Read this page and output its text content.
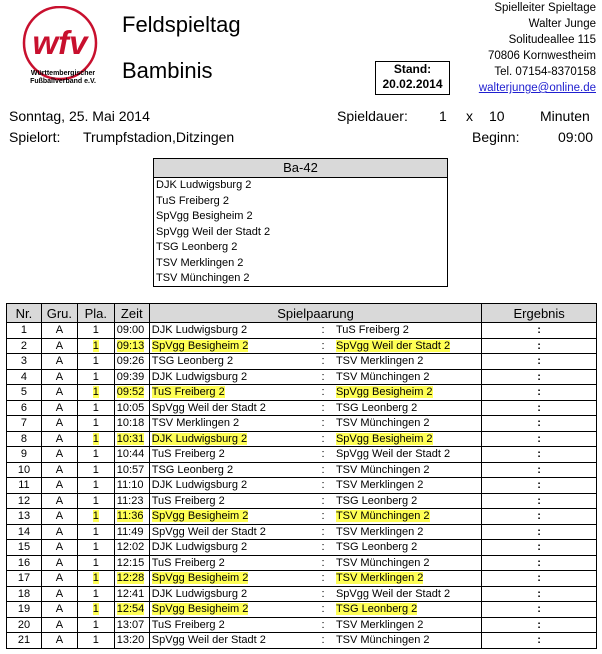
wfv
Württembergischer
Fußballverband e.V.
Feldspieltag
Bambinis	Stand:
20.02.2014
Spielleiter Spieltage
Walter Junge
Solitudeallee 115
70806 Kornwestheim
Tel. 07154-8370158
walterjunge@online.de
Sonntag, 25. Mai 2014
Spielort: Trumpfstadion,Ditzingen
Spieldauer: 1 x 10	Minuten
Beginn:	09:00
Ba-42
DJK Ludwigsburg 2
TuS Freiberg 2
SpVgg Besigheim 2
SpVgg Weil der Stadt 2
TSG Leonberg 2
TSV Merklingen 2
TSV Münchingen 2
Nr.	Gru.	Pla.	Zeit	Spielpaarung			Ergebnis
1	A	1	09:00	DJK Ludwigsburg 2	:	TuS Freiberg 2	:
2	A	1	09:13	SpVgg Besigheim 2	:	SpVgg Weil der Stadt 2	:
3	A	1	09:26	TSG Leonberg 2	:	TSV Merklingen 2	:
4	A	1	09:39	DJK Ludwigsburg 2	:	TSV Münchingen 2	:
5	A	1	09:52	TuS Freiberg 2	:	SpVgg Besigheim 2	:
6	A	1	10:05	SpVgg Weil der Stadt 2	:	TSG Leonberg 2	:
7	A	1	10:18	TSV Merklingen 2	:	TSV Münchingen 2	:
8	A	1	10:31	DJK Ludwigsburg 2	:	SpVgg Besigheim 2	:
9	A	1	10:44	TuS Freiberg 2	:	SpVgg Weil der Stadt 2	:
10	A	1	10:57	TSG Leonberg 2	:	TSV Münchingen 2	:
11	A	1	11:10	DJK Ludwigsburg 2	:	TSV Merklingen 2	:
12	A	1	11:23	TuS Freiberg 2	:	TSG Leonberg 2	:
13	A	1	11:36	SpVgg Besigheim 2	:	TSV Münchingen 2	:
14	A	1	11:49	SpVgg Weil der Stadt 2	:	TSV Merklingen 2	:
15	A	1	12:02	DJK Ludwigsburg 2	:	TSG Leonberg 2	:
16	A	1	12:15	TuS Freiberg 2	:	TSV Münchingen 2	:
17	A	1	12:28	SpVgg Besigheim 2	:	TSV Merklingen 2	:
18	A	1	12:41	DJK Ludwigsburg 2	:	SpVgg Weil der Stadt 2	:
19	A	1	12:54	SpVgg Besigheim 2	:	TSG Leonberg 2	:
20	A	1	13:07	TuS Freiberg 2	:	TSV Merklingen 2	:
21	A	1	13:20	SpVgg Weil der Stadt 2	:	TSV Münchingen 2	:
